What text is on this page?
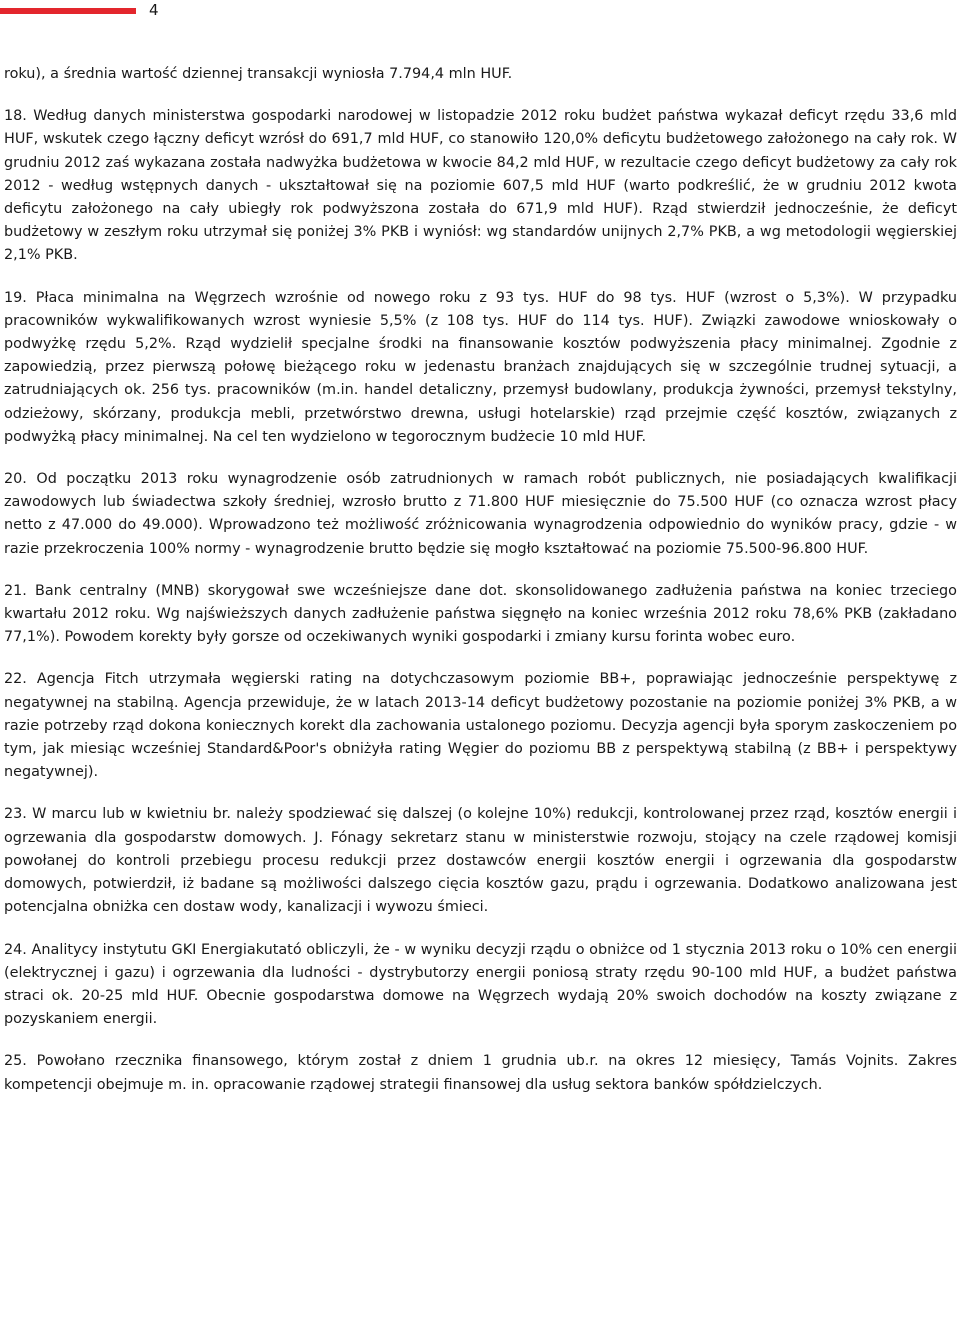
4

roku), a średnia wartość dziennej transakcji wyniosła 7.794,4 mln HUF.

18. Według danych ministerstwa gospodarki narodowej w listopadzie 2012 roku budżet państwa wykazał deficyt rzędu 33,6 mld HUF, wskutek czego łączny deficyt wzrósł do 691,7 mld HUF, co stanowiło 120,0% deficytu budżetowego założonego na cały rok. W grudniu 2012 zaś wykazana została nadwyżka budżetowa w kwocie 84,2 mld HUF, w rezultacie czego deficyt budżetowy za cały rok 2012 - według wstępnych danych - ukształtował się na poziomie 607,5 mld HUF (warto podkreślić, że w grudniu 2012 kwota deficytu założonego na cały ubiegły rok podwyższona została do 671,9 mld HUF). Rząd stwierdził jednocześnie, że deficyt budżetowy w zeszłym roku utrzymał się poniżej 3% PKB i wyniósł: wg standardów unijnych 2,7% PKB, a wg metodologii węgierskiej 2,1% PKB.

19. Płaca minimalna na Węgrzech wzrośnie od nowego roku z 93 tys. HUF do 98 tys. HUF (wzrost o 5,3%). W przypadku pracowników wykwalifikowanych wzrost wyniesie 5,5% (z 108 tys. HUF do 114 tys. HUF). Związki zawodowe wnioskowały o podwyżkę rzędu 5,2%. Rząd wydzielił specjalne środki na finansowanie kosztów podwyższenia płacy minimalnej. Zgodnie z zapowiedzią, przez pierwszą połowę bieżącego roku w jedenastu branżach znajdujących się w szczególnie trudnej sytuacji, a zatrudniających ok. 256 tys. pracowników (m.in. handel detaliczny, przemysł budowlany, produkcja żywności, przemysł tekstylny, odzieżowy, skórzany, produkcja mebli, przetwórstwo drewna, usługi hotelarskie) rząd przejmie część kosztów, związanych z podwyżką płacy minimalnej. Na cel ten wydzielono w tegorocznym budżecie 10 mld HUF.

20. Od początku 2013 roku wynagrodzenie osób zatrudnionych w ramach robót publicznych, nie posiadających kwalifikacji zawodowych lub świadectwa szkoły średniej, wzrosło brutto z 71.800 HUF miesięcznie do 75.500 HUF (co oznacza wzrost płacy netto z 47.000 do 49.000). Wprowadzono też możliwość zróżnicowania wynagrodzenia odpowiednio do wyników pracy, gdzie - w razie przekroczenia 100% normy - wynagrodzenie brutto będzie się mogło kształtować na poziomie 75.500-96.800 HUF.

21. Bank centralny (MNB) skorygował swe wcześniejsze dane dot. skonsolidowanego zadłużenia państwa na koniec trzeciego kwartału 2012 roku. Wg najświeższych danych zadłużenie państwa sięgnęło na koniec września 2012 roku 78,6% PKB (zakładano 77,1%). Powodem korekty były gorsze od oczekiwanych wyniki gospodarki i zmiany kursu forinta wobec euro.

22. Agencja Fitch utrzymała węgierski rating na dotychczasowym poziomie BB+, poprawiając jednocześnie perspektywę z negatywnej na stabilną. Agencja przewiduje, że w latach 2013-14 deficyt budżetowy pozostanie na poziomie poniżej 3% PKB, a w razie potrzeby rząd dokona koniecznych korekt dla zachowania ustalonego poziomu. Decyzja agencji była sporym zaskoczeniem po tym, jak miesiąc wcześniej Standard&Poor's obniżyła rating Węgier do poziomu BB z perspektywą stabilną (z BB+ i perspektywy negatywnej).

23. W marcu lub w kwietniu br. należy spodziewać się dalszej (o kolejne 10%) redukcji, kontrolowanej przez rząd, kosztów energii i ogrzewania dla gospodarstw domowych. J. Fónagy sekretarz stanu w ministerstwie rozwoju, stojący na czele rządowej komisji powołanej do kontroli przebiegu procesu redukcji przez dostawców energii kosztów energii i ogrzewania dla gospodarstw domowych, potwierdził, iż badane są możliwości dalszego cięcia kosztów gazu, prądu i ogrzewania. Dodatkowo analizowana jest potencjalna obniżka cen dostaw wody, kanalizacji i wywozu śmieci.

24. Analitycy instytutu GKI Energiakutató obliczyli, że - w wyniku decyzji rządu o obniżce od 1 stycznia 2013 roku o 10% cen energii (elektrycznej i gazu) i ogrzewania dla ludności - dystrybutorzy energii poniosą straty rzędu 90-100 mld HUF, a budżet państwa straci ok. 20-25 mld HUF. Obecnie gospodarstwa domowe na Węgrzech wydają 20% swoich dochodów na koszty związane z pozyskaniem energii.

25. Powołano rzecznika finansowego, którym został z dniem 1 grudnia ub.r. na okres 12 miesięcy, Tamás Vojnits. Zakres kompetencji obejmuje m. in. opracowanie rządowej strategii finansowej dla usług sektora banków spółdzielczych.
